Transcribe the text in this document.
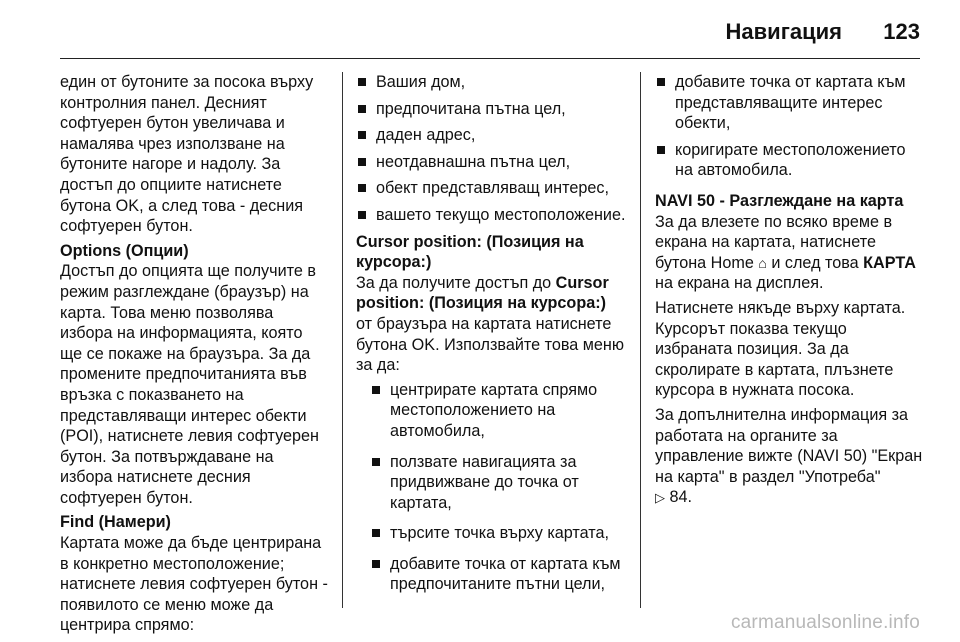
Навигация 123

един от бутоните за посока върху контролния панел. Десният софтуерен бутон увеличава и намалява чрез използване на бутоните нагоре и надолу. За достъп до опциите натиснете бутона OK, а след това - десния софтуерен бутон.

Options (Опции)

Достъп до опцията ще получите в режим разглеждане (браузър) на карта. Това меню позволява избора на информацията, която ще се покаже на браузъра. За да промените предпочитанията във връзка с показването на представляващи интерес обекти (POI), натиснете левия софтуерен бутон. За потвърждаване на избора натиснете десния софтуерен бутон.

Find (Намери)

Картата може да бъде центрирана в конкретно местоположение; натиснете левия софтуерен бутон - появилото се меню може да центрира спрямо:

Вашия дом,
предпочитана пътна цел,
даден адрес,
неотдавнашна пътна цел,
обект представляващ интерес,
вашето текущо местоположение.

Cursor position: (Позиция на курсора:)

За да получите достъп до Cursor position: (Позиция на курсора:) от браузъра на картата натиснете бутона OK. Използвайте това меню за да:

центрирате картата спрямо местоположението на автомобила,
ползвате навигацията за придвижване до точка от картата,
търсите точка върху картата,
добавите точка от картата към предпочитаните пътни цели,
добавите точка от картата към представляващите интерес обекти,
коригирате местоположението на автомобила.

NAVI 50 - Разглеждане на карта

За да влезете по всяко време в екрана на картата, натиснете бутона Home ⌂ и след това КАРТА на екрана на дисплея.

Натиснете някъде върху картата. Курсорът показва текущо избраната позиция. За да скролирате в картата, плъзнете курсора в нужната посока.

За допълнителна информация за работата на органите за управление вижте (NAVI 50) "Екран на карта" в раздел "Употреба"
▷ 84.

carmanualsonline.info
